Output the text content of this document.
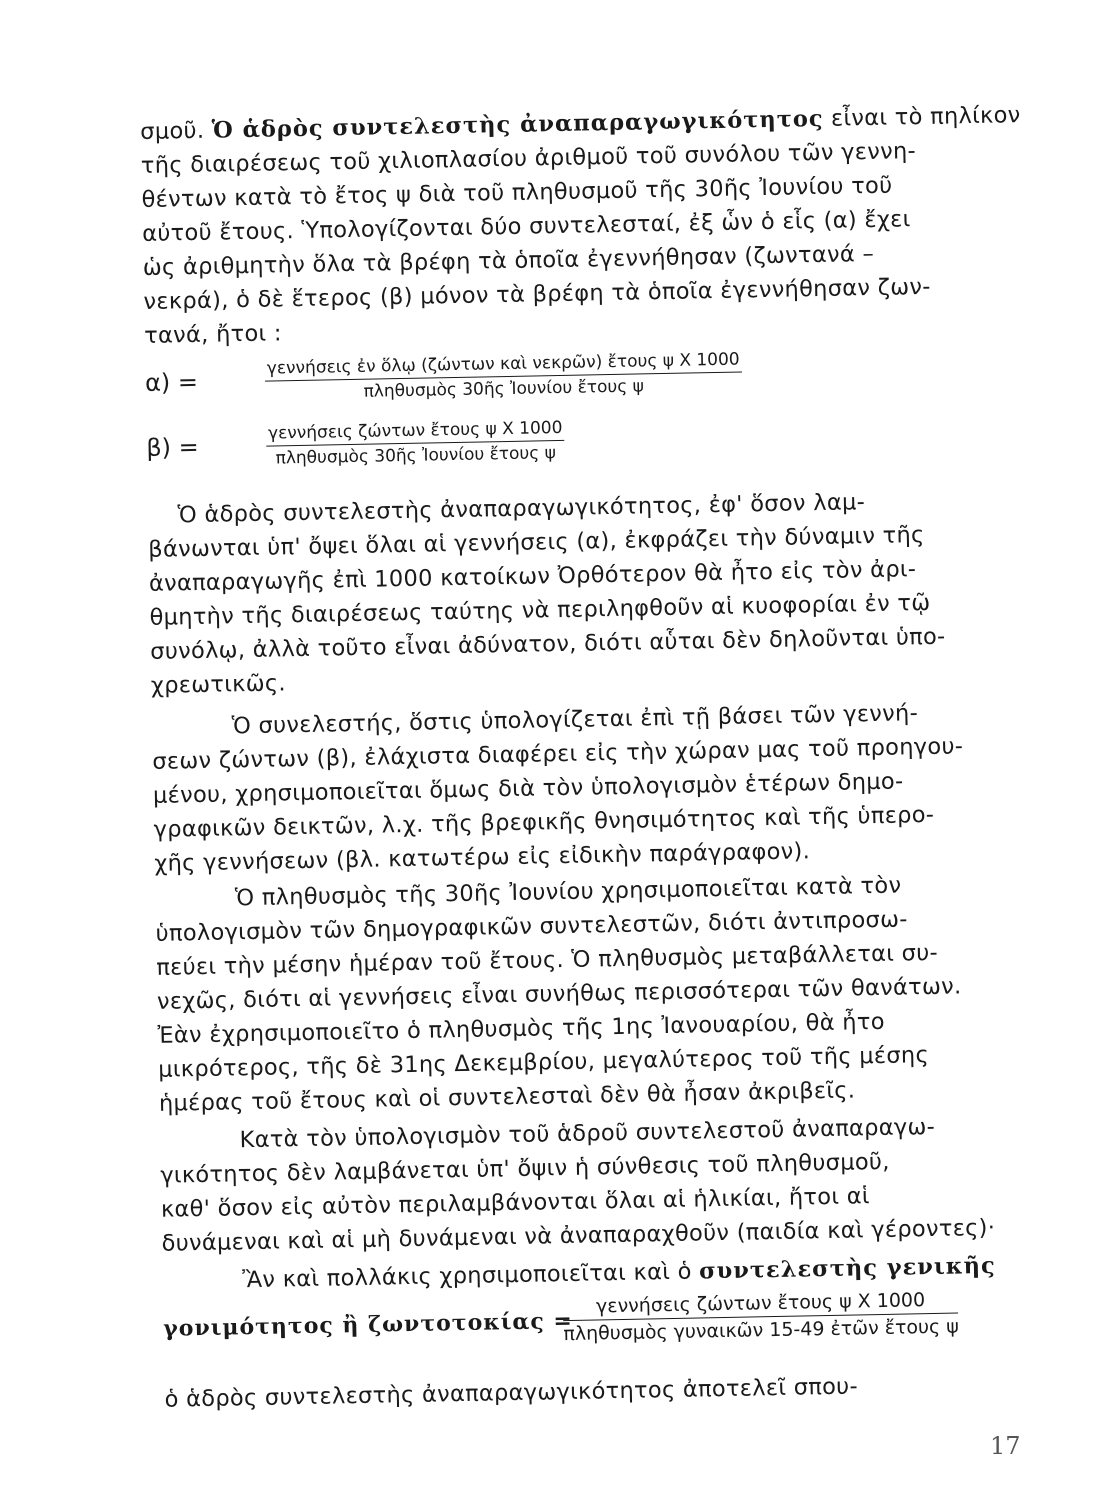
σμοῦ. Ὁ ἁδρὸς συντελεστὴς ἀναπαραγωγικότητος εἶναι τὸ πηλίκον
τῆς διαιρέσεως τοῦ χιλιοπλασίου ἀριθμοῦ τοῦ συνόλου τῶν γεννη-
θέντων κατὰ τὸ ἔτος ψ διὰ τοῦ πληθυσμοῦ τῆς 30ῆς Ἰουνίου τοῦ
αὐτοῦ ἔτους. Ὑπολογίζονται δύο συντελεσταί, ἐξ ὧν ὁ εἷς (α) ἔχει
ὡς ἀριθμητὴν ὅλα τὰ βρέφη τὰ ὁποῖα ἐγεννήθησαν (ζωντανά –
νεκρά), ὁ δὲ ἕτερος (β) μόνον τὰ βρέφη τὰ ὁποῖα ἐγεννήθησαν ζων-
τανά, ἤτοι :
α) =
γεννήσεις ἐν ὅλῳ (ζώντων καὶ νεκρῶν) ἔτους ψ X 1000
πληθυσμὸς 30ῆς Ἰουνίου ἔτους ψ
β) =
γεννήσεις ζώντων ἔτους ψ X 1000
πληθυσμὸς 30ῆς Ἰουνίου ἔτους ψ
Ὁ ἁδρὸς συντελεστὴς ἀναπαραγωγικότητος, ἐφ' ὅσον λαμ-
βάνωνται ὑπ' ὄψει ὅλαι αἱ γεννήσεις (α), ἐκφράζει τὴν δύναμιν τῆς
ἀναπαραγωγῆς ἐπὶ 1000 κατοίκων Ὀρθότερον θὰ ἦτο εἰς τὸν ἀρι-
θμητὴν τῆς διαιρέσεως ταύτης νὰ περιληφθοῦν αἱ κυοφορίαι ἐν τῷ
συνόλῳ, ἀλλὰ τοῦτο εἶναι ἀδύνατον, διότι αὗται δὲν δηλοῦνται ὑπο-
χρεωτικῶς.
Ὁ συνελεστής, ὅστις ὑπολογίζεται ἐπὶ τῇ βάσει τῶν γεννή-
σεων ζώντων (β), ἐλάχιστα διαφέρει εἰς τὴν χώραν μας τοῦ προηγου-
μένου, χρησιμοποιεῖται ὅμως διὰ τὸν ὑπολογισμὸν ἑτέρων δημο-
γραφικῶν δεικτῶν, λ.χ. τῆς βρεφικῆς θνησιμότητος καὶ τῆς ὑπερο-
χῆς γεννήσεων (βλ. κατωτέρω εἰς εἰδικὴν παράγραφον).
Ὁ πληθυσμὸς τῆς 30ῆς Ἰουνίου χρησιμοποιεῖται κατὰ τὸν
ὑπολογισμὸν τῶν δημογραφικῶν συντελεστῶν, διότι ἀντιπροσω-
πεύει τὴν μέσην ἡμέραν τοῦ ἔτους. Ὁ πληθυσμὸς μεταβάλλεται συ-
νεχῶς, διότι αἱ γεννήσεις εἶναι συνήθως περισσότεραι τῶν θανάτων.
Ἐὰν ἐχρησιμοποιεῖτο ὁ πληθυσμὸς τῆς 1ης Ἰανουαρίου, θὰ ἦτο
μικρότερος, τῆς δὲ 31ης Δεκεμβρίου, μεγαλύτερος τοῦ τῆς μέσης
ἡμέρας τοῦ ἔτους καὶ οἱ συντελεσταὶ δὲν θὰ ἦσαν ἀκριβεῖς.
Κατὰ τὸν ὑπολογισμὸν τοῦ ἁδροῦ συντελεστοῦ ἀναπαραγω-
γικότητος δὲν λαμβάνεται ὑπ' ὄψιν ἡ σύνθεσις τοῦ πληθυσμοῦ,
καθ' ὅσον εἰς αὐτὸν περιλαμβάνονται ὅλαι αἱ ἡλικίαι, ἤτοι αἱ
δυνάμεναι καὶ αἱ μὴ δυνάμεναι νὰ ἀναπαραχθοῦν (παιδία καὶ γέροντες)·
Ἂν καὶ πολλάκις χρησιμοποιεῖται καὶ ὁ συντελεστὴς γενικῆς
γονιμότητος ἢ ζωντοτοκίας =
γεννήσεις ζώντων ἔτους ψ X 1000
πληθυσμὸς γυναικῶν 15-49 ἐτῶν ἔτους ψ
ὁ ἁδρὸς συντελεστὴς ἀναπαραγωγικότητος ἀποτελεῖ σπου-
17
